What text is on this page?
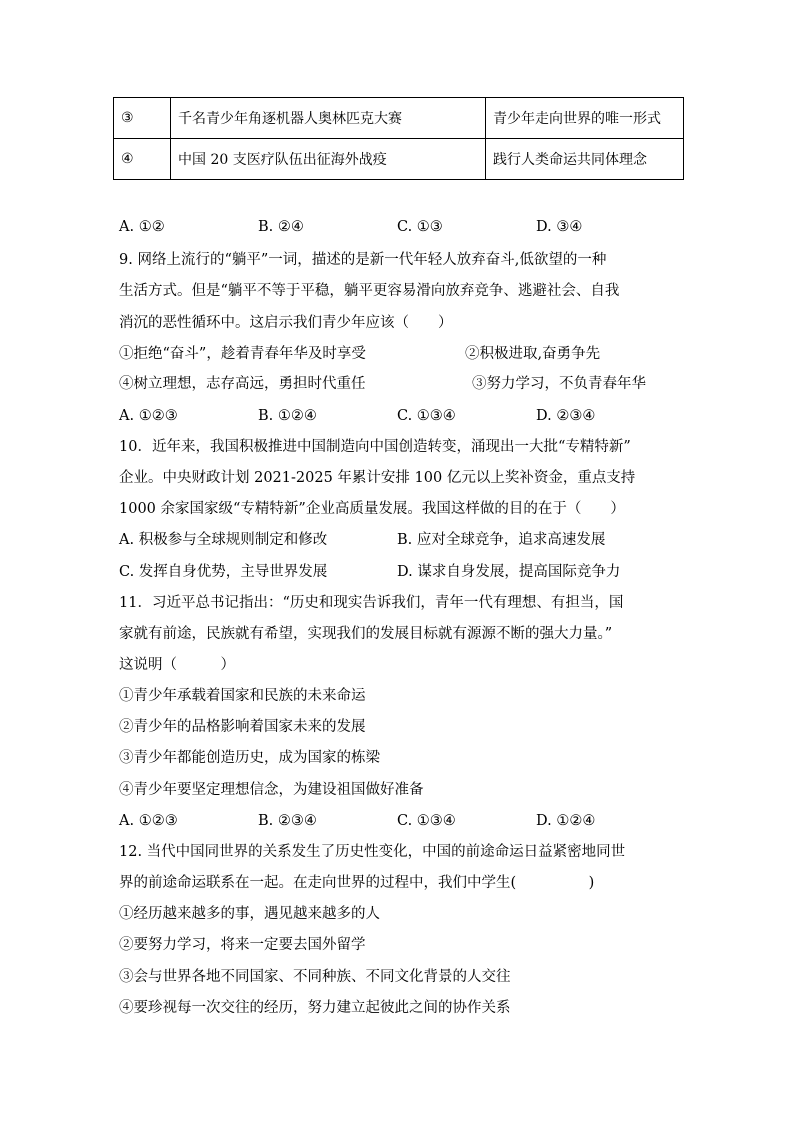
③	千名青少年角逐机器人奥林匹克大赛	青少年走向世界的唯一形式
④	中国 20 支医疗队伍出征海外战疫	践行人类命运共同体理念
A. ①②	B. ②④	C. ①③	D. ③④
9. 网络上流行的“躺平”一词，描述的是新一代年轻人放弃奋斗,低欲望的一种
生活方式。但是“躺平不等于平稳，躺平更容易滑向放弃竞争、逃避社会、自我
消沉的恶性循环中。这启示我们青少年应该（　　）
①拒绝“奋斗”，趁着青春年华及时享受	②积极进取,奋勇争先
④树立理想，志存高远，勇担时代重任	③努力学习，不负青春年华
A. ①②③	B. ①②④	C. ①③④	D. ②③④
10．近年来，我国积极推进中国制造向中国创造转变，涌现出一大批“专精特新”
企业。中央财政计划 2021-2025 年累计安排 100 亿元以上奖补资金，重点支持
1000 余家国家级“专精特新”企业高质量发展。我国这样做的目的在于（　　）
A. 积极参与全球规则制定和修改	B. 应对全球竞争，追求高速发展
C. 发挥自身优势，主导世界发展	D. 谋求自身发展，提高国际竞争力
11．习近平总书记指出：“历史和现实告诉我们，青年一代有理想、有担当，国
家就有前途，民族就有希望，实现我们的发展目标就有源源不断的强大力量。”
这说明（　　　）
①青少年承载着国家和民族的未来命运
②青少年的品格影响着国家未来的发展
③青少年都能创造历史，成为国家的栋梁
④青少年要坚定理想信念，为建设祖国做好准备
A. ①②③	B. ②③④	C. ①③④	D. ①②④
12. 当代中国同世界的关系发生了历史性变化，中国的前途命运日益紧密地同世
界的前途命运联系在一起。在走向世界的过程中，我们中学生(　　　　　)
①经历越来越多的事，遇见越来越多的人
②要努力学习，将来一定要去国外留学
③会与世界各地不同国家、不同种族、不同文化背景的人交往
④要珍视每一次交往的经历，努力建立起彼此之间的协作关系
